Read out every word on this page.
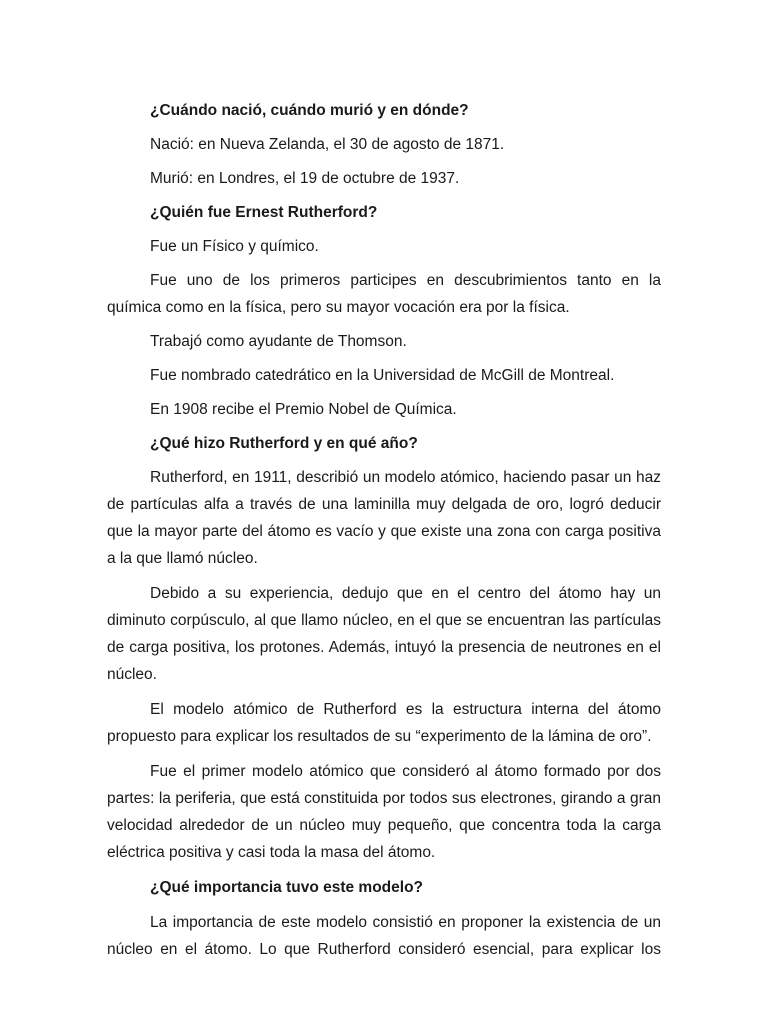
¿Cuándo nació, cuándo murió y en dónde?

Nació: en Nueva Zelanda, el 30 de agosto de 1871.

Murió: en Londres, el 19 de octubre de 1937.

¿Quién fue Ernest Rutherford?

Fue un Físico y químico.

Fue uno de los primeros participes en descubrimientos tanto en la química como en la física, pero su mayor vocación era por la física.

Trabajó como ayudante de Thomson.

Fue nombrado catedrático en la Universidad de McGill de Montreal.

En 1908 recibe el Premio Nobel de Química.

¿Qué hizo Rutherford y en qué año?

Rutherford, en 1911, describió un modelo atómico, haciendo pasar un haz de partículas alfa a través de una laminilla muy delgada de oro, logró deducir que la mayor parte del átomo es vacío y que existe una zona con carga positiva a la que llamó núcleo.

Debido a su experiencia, dedujo que en el centro del átomo hay un diminuto corpúsculo, al que llamo núcleo, en el que se encuentran las partículas de carga positiva, los protones. Además, intuyó la presencia de neutrones en el núcleo.

El modelo atómico de Rutherford es la estructura interna del átomo propuesto para explicar los resultados de su “experimento de la lámina de oro”.

Fue el primer modelo atómico que consideró al átomo formado por dos partes: la periferia, que está constituida por todos sus electrones, girando a gran velocidad alrededor de un núcleo muy pequeño, que concentra toda la carga eléctrica positiva y casi toda la masa del átomo.

¿Qué importancia tuvo este modelo?

La importancia de este modelo consistió en proponer la existencia de un núcleo en el átomo. Lo que Rutherford consideró esencial, para explicar los
